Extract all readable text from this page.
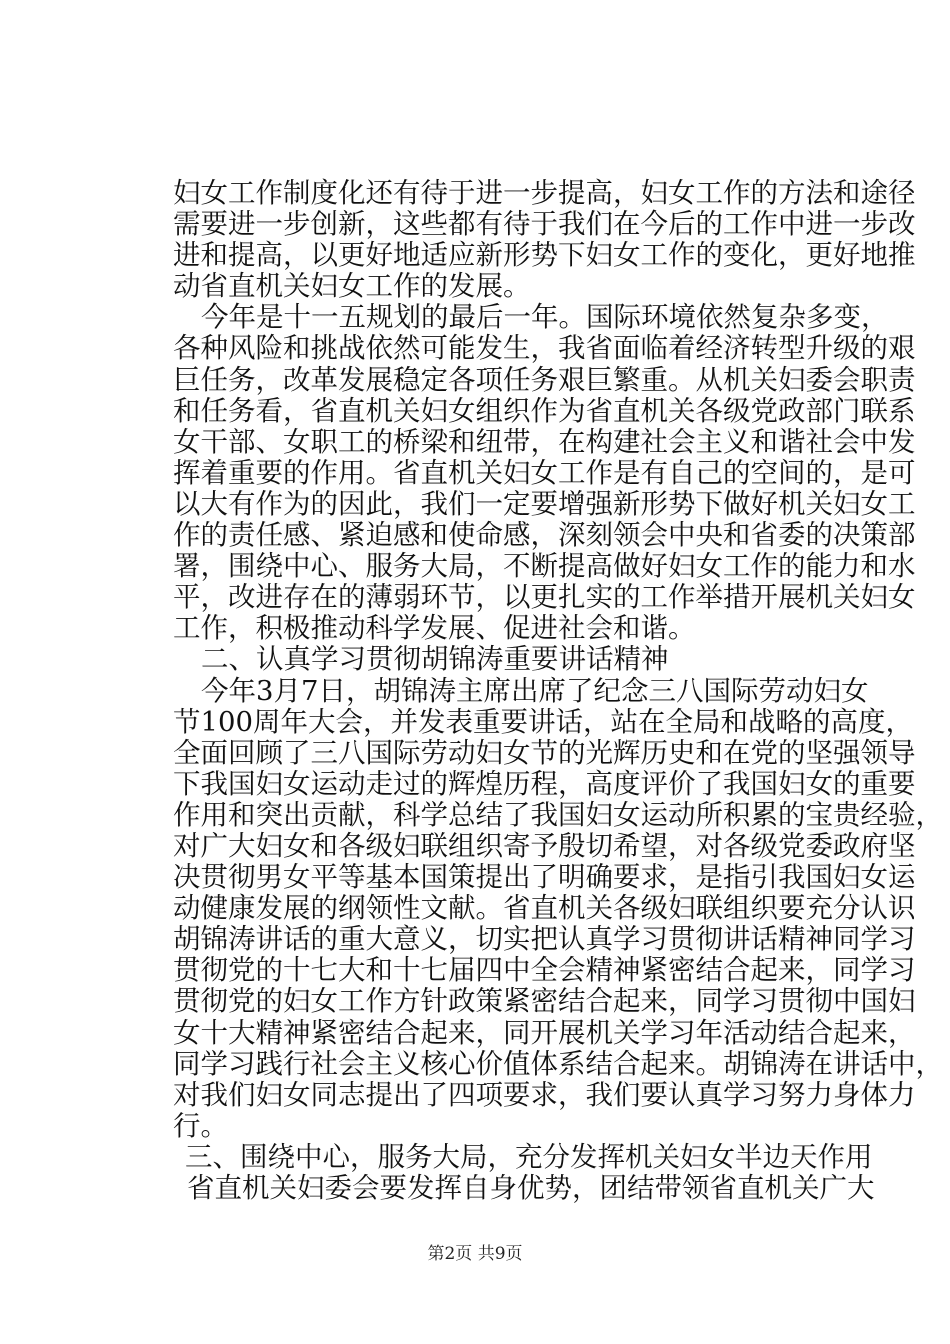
妇女工作制度化还有待于进一步提高，妇女工作的方法和途径
需要进一步创新，这些都有待于我们在今后的工作中进一步改
进和提高，以更好地适应新形势下妇女工作的变化，更好地推
动省直机关妇女工作的发展。
今年是十一五规划的最后一年。国际环境依然复杂多变，
各种风险和挑战依然可能发生，我省面临着经济转型升级的艰
巨任务，改革发展稳定各项任务艰巨繁重。从机关妇委会职责
和任务看，省直机关妇女组织作为省直机关各级党政部门联系
女干部、女职工的桥梁和纽带，在构建社会主义和谐社会中发
挥着重要的作用。省直机关妇女工作是有自己的空间的，是可
以大有作为的因此，我们一定要增强新形势下做好机关妇女工
作的责任感、紧迫感和使命感，深刻领会中央和省委的决策部
署，围绕中心、服务大局，不断提高做好妇女工作的能力和水
平，改进存在的薄弱环节，以更扎实的工作举措开展机关妇女
工作，积极推动科学发展、促进社会和谐。
二、认真学习贯彻胡锦涛重要讲话精神
今年3月7日，胡锦涛主席出席了纪念三八国际劳动妇女
节100周年大会，并发表重要讲话，站在全局和战略的高度，
全面回顾了三八国际劳动妇女节的光辉历史和在党的坚强领导
下我国妇女运动走过的辉煌历程，高度评价了我国妇女的重要
作用和突出贡献，科学总结了我国妇女运动所积累的宝贵经验，
对广大妇女和各级妇联组织寄予殷切希望，对各级党委政府坚
决贯彻男女平等基本国策提出了明确要求，是指引我国妇女运
动健康发展的纲领性文献。省直机关各级妇联组织要充分认识
胡锦涛讲话的重大意义，切实把认真学习贯彻讲话精神同学习
贯彻党的十七大和十七届四中全会精神紧密结合起来，同学习
贯彻党的妇女工作方针政策紧密结合起来，同学习贯彻中国妇
女十大精神紧密结合起来，同开展机关学习年活动结合起来，
同学习践行社会主义核心价值体系结合起来。胡锦涛在讲话中，
对我们妇女同志提出了四项要求，我们要认真学习努力身体力
行。
三、围绕中心，服务大局，充分发挥机关妇女半边天作用
省直机关妇委会要发挥自身优势，团结带领省直机关广大
第2页 共9页
